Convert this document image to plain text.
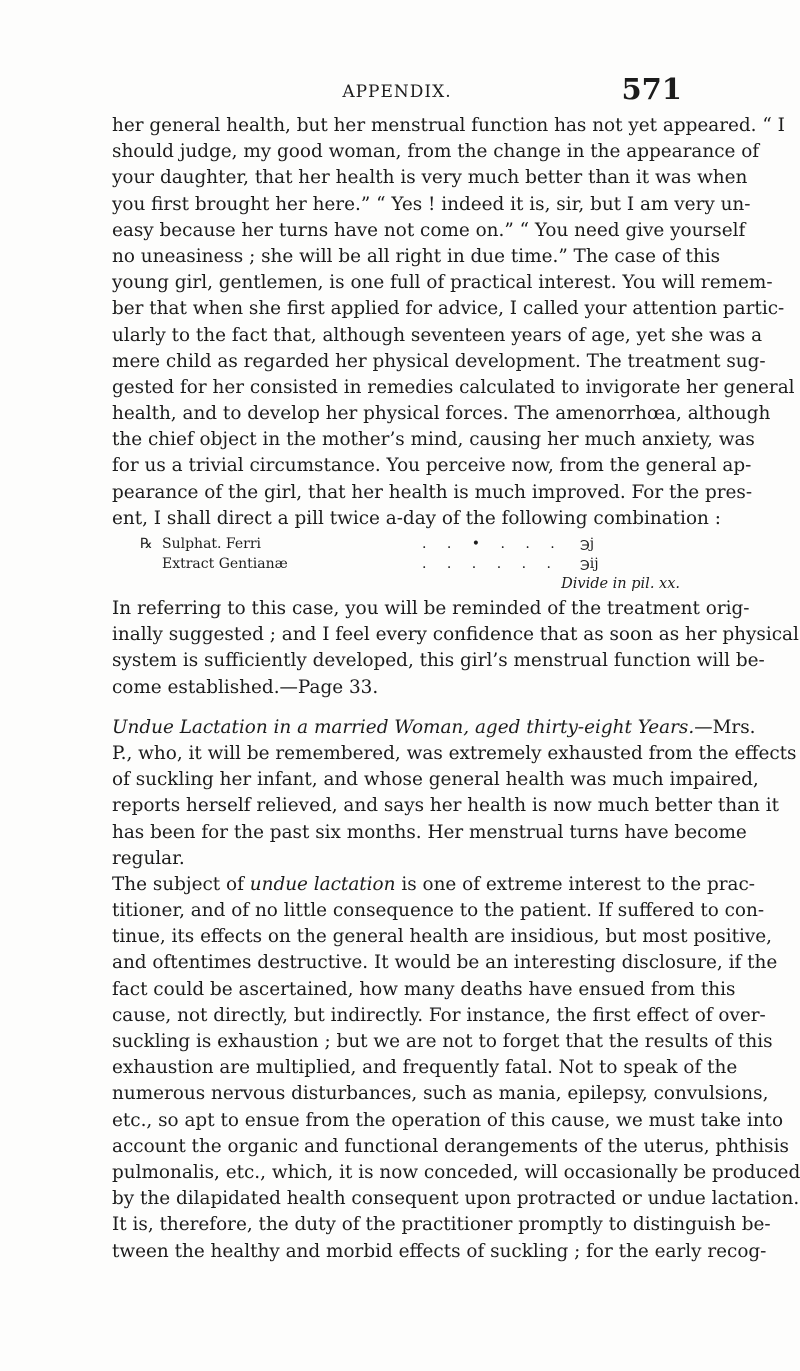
APPENDIX.	571
her general health, but her menstrual function has not yet appeared. “ I
should judge, my good woman, from the change in the appearance of
your daughter, that her health is very much better than it was when
you first brought her here.” “ Yes ! indeed it is, sir, but I am very un-
easy because her turns have not come on.” “ You need give yourself
no uneasiness ; she will be all right in due time.” The case of this
young girl, gentlemen, is one full of practical interest. You will remem-
ber that when she first applied for advice, I called your attention partic-
ularly to the fact that, although seventeen years of age, yet she was a
mere child as regarded her physical development. The treatment sug-
gested for her consisted in remedies calculated to invigorate her general
health, and to develop her physical forces. The amenorrhœa, although
the chief object in the mother’s mind, causing her much anxiety, was
for us a trivial circumstance. You perceive now, from the general ap-
pearance of the girl, that her health is much improved. For the pres-
ent, I shall direct a pill twice a-day of the following combination :
℞ Sulphat. Ferri	. . • . . .	℈j
Extract Gentianæ	. . . . . .	℈ij
Divide in pil. xx.
In referring to this case, you will be reminded of the treatment orig-
inally suggested ; and I feel every confidence that as soon as her physical
system is sufficiently developed, this girl’s menstrual function will be-
come established.—Page 33.
Undue Lactation in a married Woman, aged thirty-eight Years.—Mrs.
P., who, it will be remembered, was extremely exhausted from the effects
of suckling her infant, and whose general health was much impaired,
reports herself relieved, and says her health is now much better than it
has been for the past six months. Her menstrual turns have become
regular.
The subject of undue lactation is one of extreme interest to the prac-
titioner, and of no little consequence to the patient. If suffered to con-
tinue, its effects on the general health are insidious, but most positive,
and oftentimes destructive. It would be an interesting disclosure, if the
fact could be ascertained, how many deaths have ensued from this
cause, not directly, but indirectly. For instance, the first effect of over-
suckling is exhaustion ; but we are not to forget that the results of this
exhaustion are multiplied, and frequently fatal. Not to speak of the
numerous nervous disturbances, such as mania, epilepsy, convulsions,
etc., so apt to ensue from the operation of this cause, we must take into
account the organic and functional derangements of the uterus, phthisis
pulmonalis, etc., which, it is now conceded, will occasionally be produced
by the dilapidated health consequent upon protracted or undue lactation.
It is, therefore, the duty of the practitioner promptly to distinguish be-
tween the healthy and morbid effects of suckling ; for the early recog-
